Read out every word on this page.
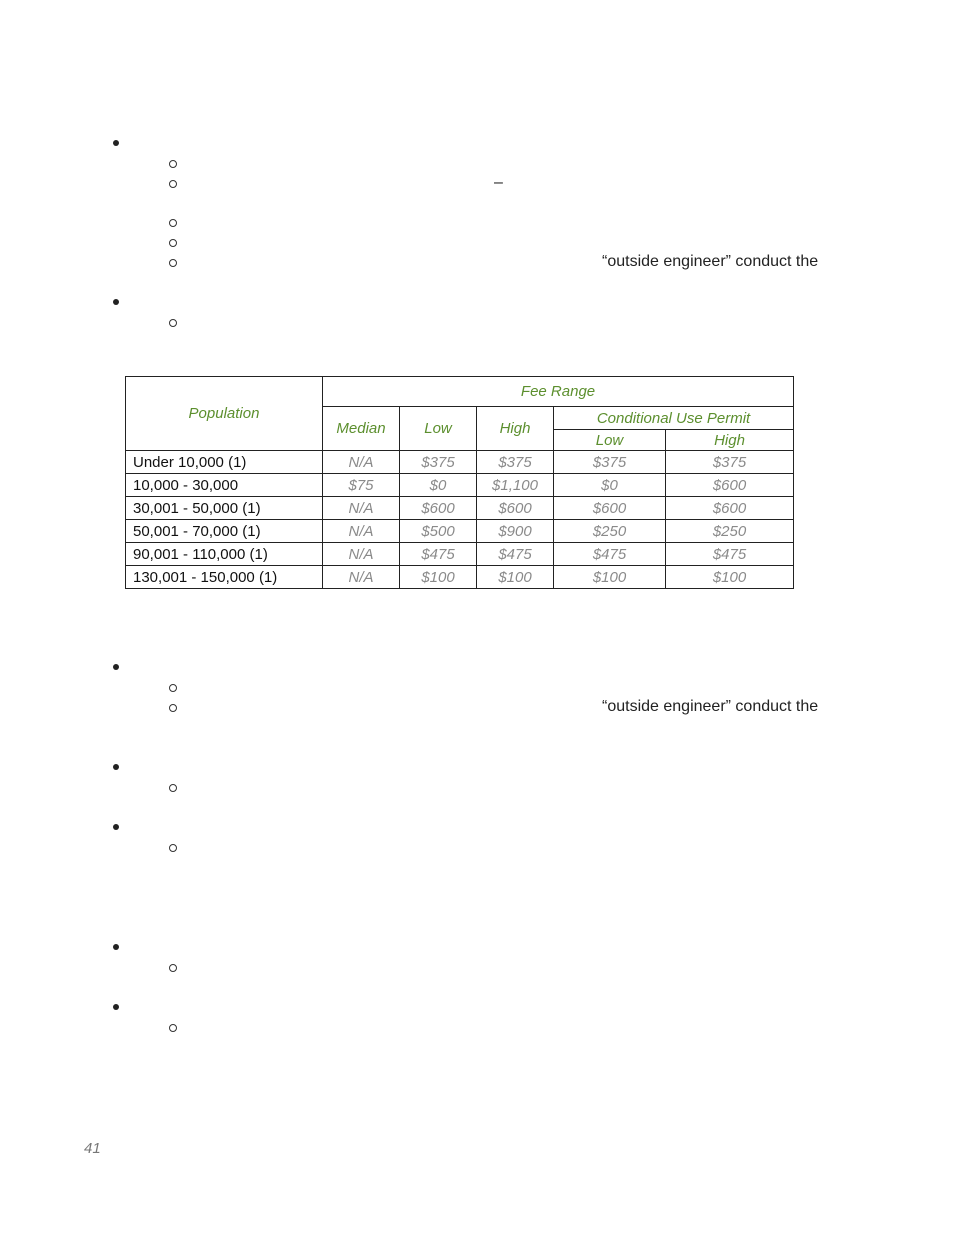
–
“outside engineer” conduct the
Population	Fee Range				
	Median	Low	High	Conditional Use Permit	
				Low	High
Under 10,000 (1)	N/A	$375	$375	$375	$375
10,000 - 30,000	$75	$0	$1,100	$0	$600
30,001 - 50,000 (1)	N/A	$600	$600	$600	$600
50,001 - 70,000 (1)	N/A	$500	$900	$250	$250
90,001 - 110,000 (1)	N/A	$475	$475	$475	$475
130,001 - 150,000 (1)	N/A	$100	$100	$100	$100
“outside engineer” conduct the
41
